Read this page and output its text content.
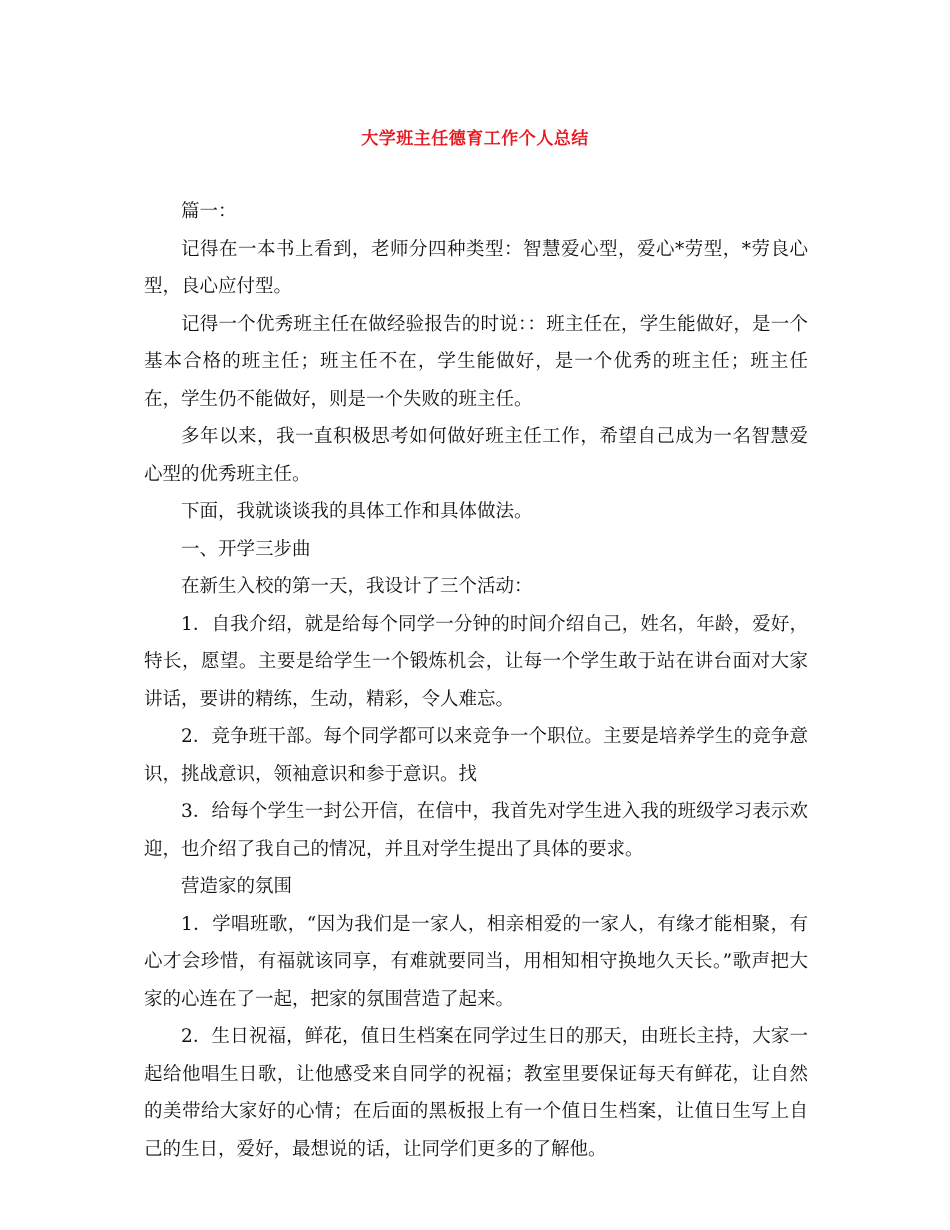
大学班主任德育工作个人总结

篇一：

记得在一本书上看到，老师分四种类型：智慧爱心型，爱心*劳型，*劳良心型，良心应付型。

记得一个优秀班主任在做经验报告的时说：：班主任在，学生能做好，是一个基本合格的班主任；班主任不在，学生能做好，是一个优秀的班主任；班主任在，学生仍不能做好，则是一个失败的班主任。

多年以来，我一直积极思考如何做好班主任工作，希望自己成为一名智慧爱心型的优秀班主任。

下面，我就谈谈我的具体工作和具体做法。

一、开学三步曲

在新生入校的第一天，我设计了三个活动：

1．自我介绍，就是给每个同学一分钟的时间介绍自己，姓名，年龄，爱好，特长，愿望。主要是给学生一个锻炼机会，让每一个学生敢于站在讲台面对大家讲话，要讲的精练，生动，精彩，令人难忘。

2．竞争班干部。每个同学都可以来竞争一个职位。主要是培养学生的竞争意识，挑战意识，领袖意识和参于意识。找

3．给每个学生一封公开信，在信中，我首先对学生进入我的班级学习表示欢迎，也介绍了我自己的情况，并且对学生提出了具体的要求。

营造家的氛围

1．学唱班歌，“因为我们是一家人，相亲相爱的一家人，有缘才能相聚，有心才会珍惜，有福就该同享，有难就要同当，用相知相守换地久天长。”歌声把大家的心连在了一起，把家的氛围营造了起来。

2．生日祝福，鲜花，值日生档案在同学过生日的那天，由班长主持，大家一起给他唱生日歌，让他感受来自同学的祝福；教室里要保证每天有鲜花，让自然的美带给大家好的心情；在后面的黑板报上有一个值日生档案，让值日生写上自己的生日，爱好，最想说的话，让同学们更多的了解他。
